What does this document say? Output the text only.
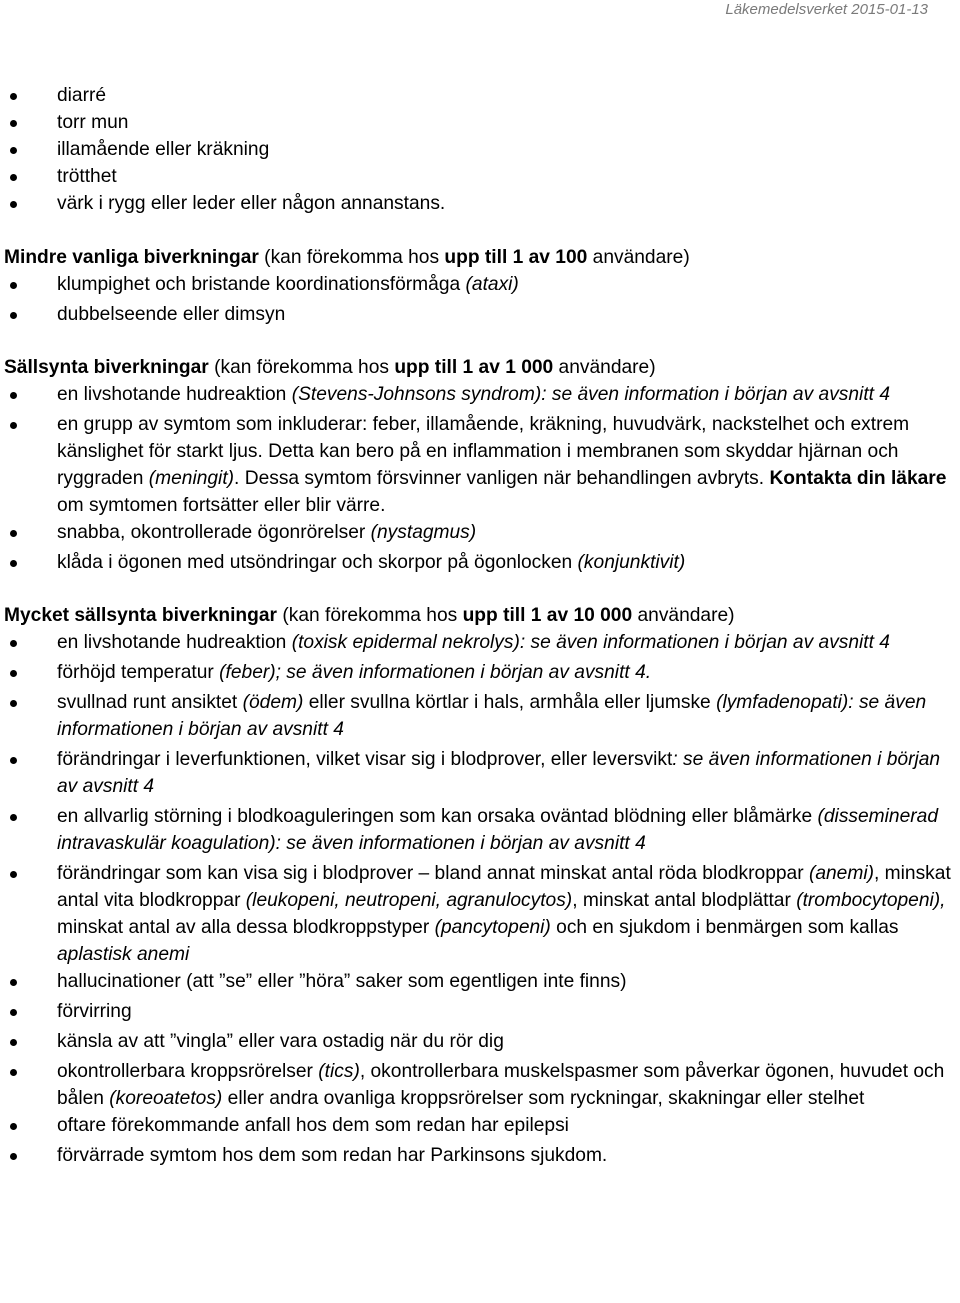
Läkemedelsverket 2015-01-13
diarré
torr mun
illamående eller kräkning
trötthet
värk i rygg eller leder eller någon annanstans.

Mindre vanliga biverkningar (kan förekomma hos upp till 1 av 100 användare)

klumpighet och bristande koordinationsförmåga (ataxi)
dubbelseende eller dimsyn

Sällsynta biverkningar (kan förekomma hos upp till 1 av 1 000 användare)

en livshotande hudreaktion (Stevens-Johnsons syndrom): se även information i början av avsnitt 4
en grupp av symtom som inkluderar: feber, illamående, kräkning, huvudvärk, nackstelhet och extrem känslighet för starkt ljus. Detta kan bero på en inflammation i membranen som skyddar hjärnan och ryggraden (meningit). Dessa symtom försvinner vanligen när behandlingen avbryts. Kontakta din läkare om symtomen fortsätter eller blir värre.
snabba, okontrollerade ögonrörelser (nystagmus)
klåda i ögonen med utsöndringar och skorpor på ögonlocken (konjunktivit)

Mycket sällsynta biverkningar (kan förekomma hos upp till 1 av 10 000 användare)

en livshotande hudreaktion (toxisk epidermal nekrolys): se även informationen i början av avsnitt 4
förhöjd temperatur (feber); se även informationen i början av avsnitt 4.
svullnad runt ansiktet (ödem) eller svullna körtlar i hals, armhåla eller ljumske (lymfadenopati): se även informationen i början av avsnitt 4
förändringar i leverfunktionen, vilket visar sig i blodprover, eller leversvikt: se även informationen i början av avsnitt 4
en allvarlig störning i blodkoaguleringen som kan orsaka oväntad blödning eller blåmärke (disseminerad intravaskulär koagulation): se även informationen i början av avsnitt 4
förändringar som kan visa sig i blodprover – bland annat minskat antal röda blodkroppar (anemi), minskat antal vita blodkroppar (leukopeni, neutropeni, agranulocytos), minskat antal blodplättar (trombocytopeni), minskat antal av alla dessa blodkroppstyper (pancytopeni) och en sjukdom i benmärgen som kallas aplastisk anemi
hallucinationer (att ”se” eller ”höra” saker som egentligen inte finns)
förvirring
känsla av att ”vingla” eller vara ostadig när du rör dig
okontrollerbara kroppsrörelser (tics), okontrollerbara muskelspasmer som påverkar ögonen, huvudet och bålen (koreoatetos) eller andra ovanliga kroppsrörelser som ryckningar, skakningar eller stelhet
oftare förekommande anfall hos dem som redan har epilepsi
förvärrade symtom hos dem som redan har Parkinsons sjukdom.
